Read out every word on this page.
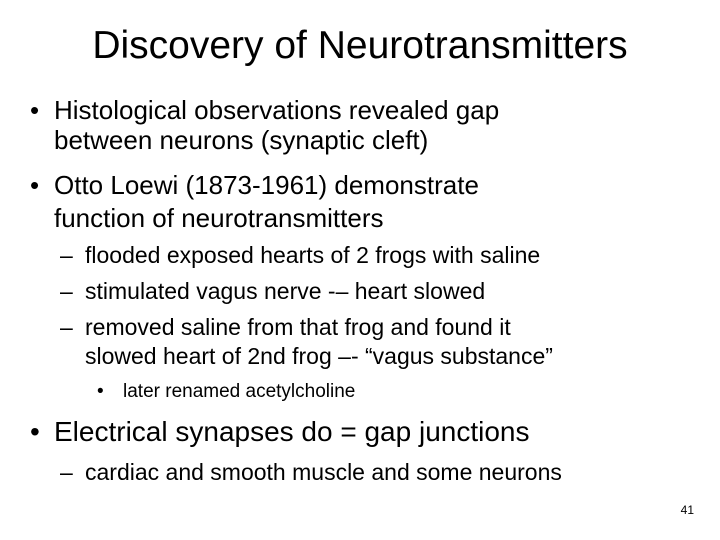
Discovery of Neurotransmitters
• Histological observations revealed gap
between neurons (synaptic cleft)
• Otto Loewi (1873-1961) demonstrate
function of neurotransmitters
– flooded exposed hearts of 2 frogs with saline
– stimulated vagus nerve -– heart slowed
– removed saline from that frog and found it
slowed heart of 2nd frog –- “vagus substance”
• later renamed acetylcholine
• Electrical synapses do = gap junctions
– cardiac and smooth muscle and some neurons
41
